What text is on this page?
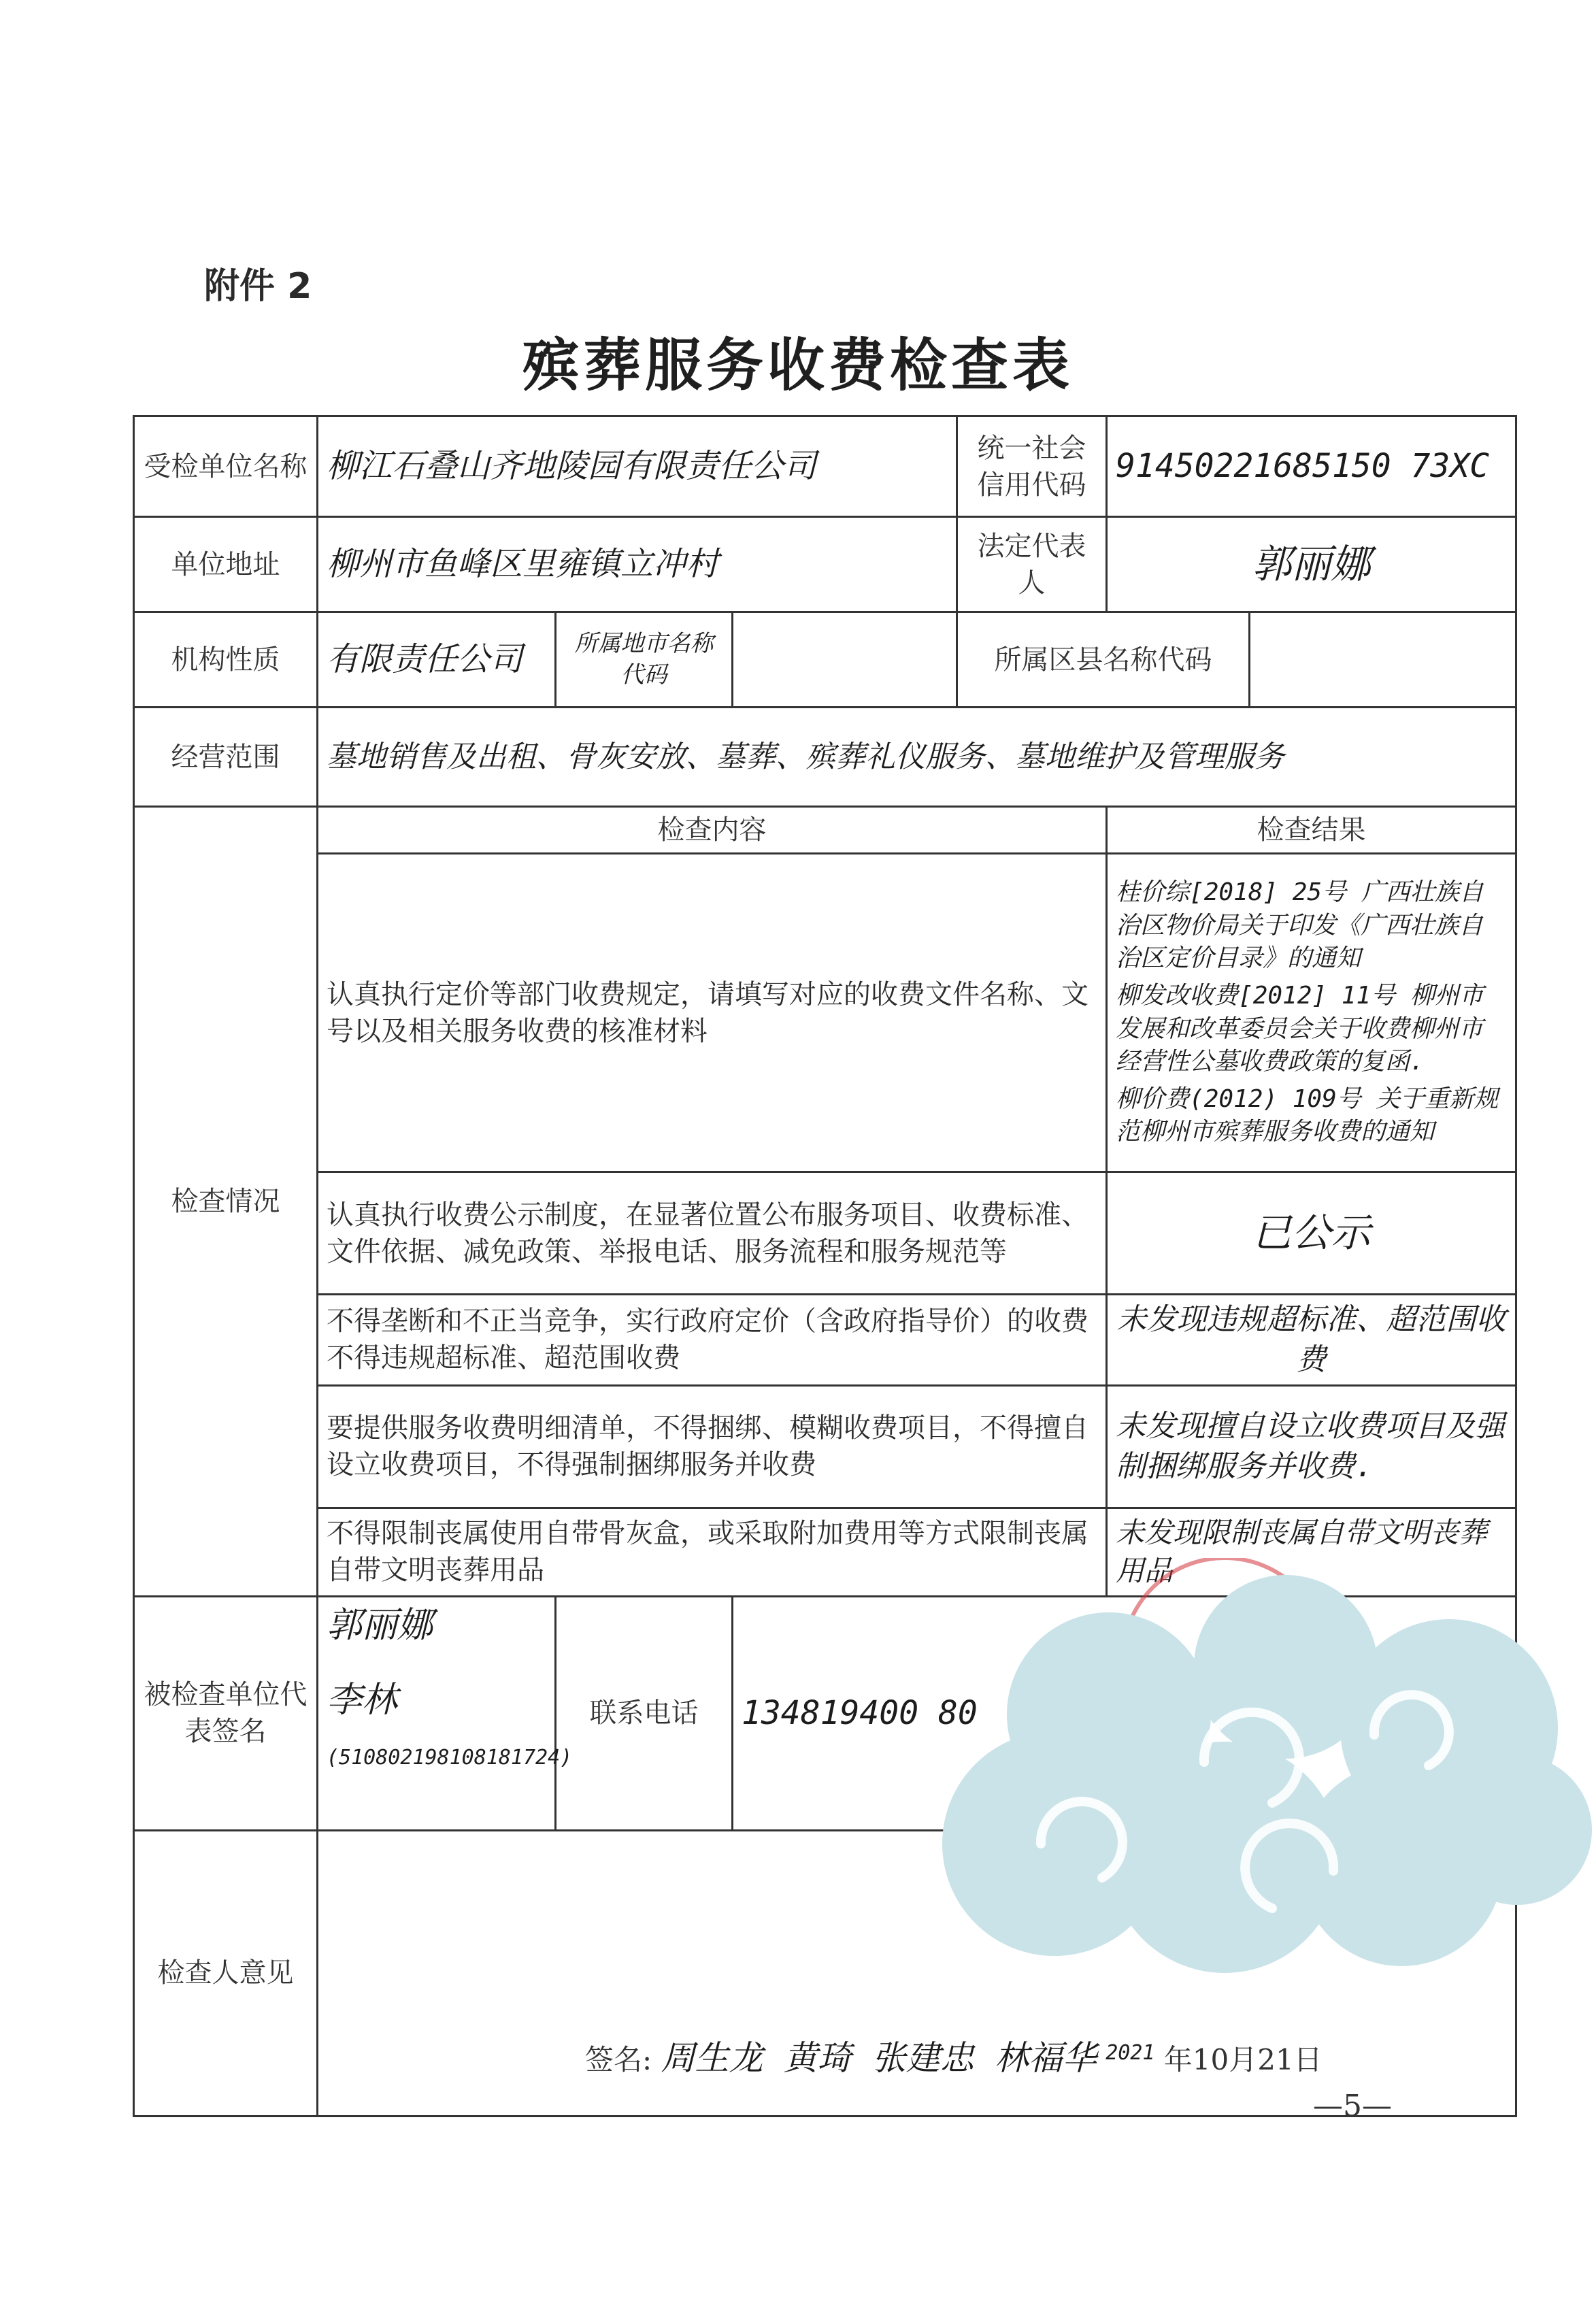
附件 2
殡葬服务收费检查表
受检单位名称	柳江石叠山齐地陵园有限责任公司			统一社会信用代码	91450221685150 73XC	
单位地址	柳州市鱼峰区里雍镇立冲村			法定代表人	郭丽娜	
机构性质	有限责任公司	所属地市名称代码		所属区县名称代码		
经营范围	墓地销售及出租、骨灰安放、墓葬、殡葬礼仪服务、墓地维护及管理服务					
检查情况	检查内容				检查结果	
	认真执行定价等部门收费规定，请填写对应的收费文件名称、文号以及相关服务收费的核准材料				桂价综[2018] 25号 广西壮族自治区物价局关于印发《广西壮族自治区定价目录》的通知

柳发改收费[2012] 11号 柳州市发展和改革委员会关于收费柳州市经营性公墓收费政策的复函.

柳价费(2012) 109号 关于重新规范柳州市殡葬服务收费的通知	

	认真执行收费公示制度，在显著位置公布服务项目、收费标准、文件依据、减免政策、举报电话、服务流程和服务规范等				已公示	
	不得垄断和不正当竞争，实行政府定价（含政府指导价）的收费不得违规超标准、超范围收费				未发现违规超标准、超范围收费	
	要提供服务收费明细清单，不得捆绑、模糊收费项目，不得擅自设立收费项目，不得强制捆绑服务并收费				未发现擅自设立收费项目及强制捆绑服务并收费.	
	不得限制丧属使用自带骨灰盒，或采取附加费用等方式限制丧属自带文明丧葬用品				未发现限制丧属自带文明丧葬用品	
被检查单位代表签名	郭丽娜
李林
(510802198108181724)	联系电话	134819400 80			
检查人意见						
签名: 周生龙 黄琦 张建忠 林福华 $^{2021}$ 年10月21日
—5—
